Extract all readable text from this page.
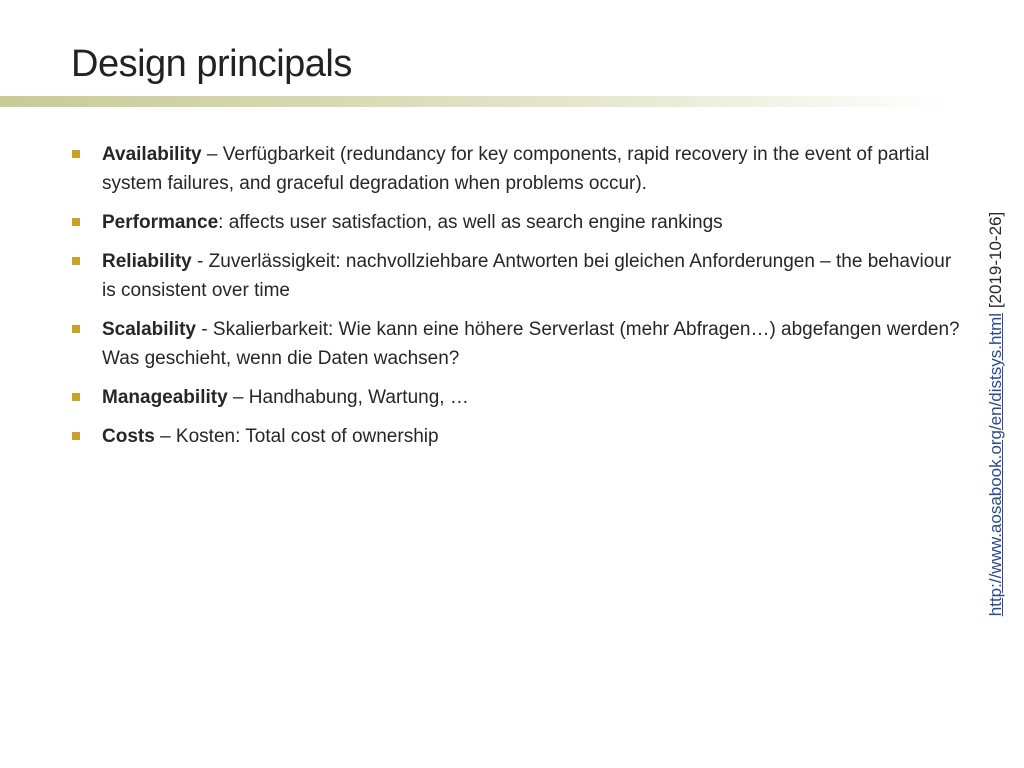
Design principals
Availability – Verfügbarkeit (redundancy for key components, rapid recovery in the event of partial system failures, and graceful degradation when problems occur).
Performance: affects user satisfaction, as well as search engine rankings
Reliability - Zuverlässigkeit: nachvollziehbare Antworten bei gleichen Anforderungen – the behaviour is consistent over time
Scalability - Skalierbarkeit: Wie kann eine höhere Serverlast (mehr Abfragen…) abgefangen werden? Was geschieht, wenn die Daten wachsen?
Manageability – Handhabung, Wartung, …
Costs – Kosten: Total cost of ownership	http://www.aosabook.org/en/distsys.html [2019-10-26]
